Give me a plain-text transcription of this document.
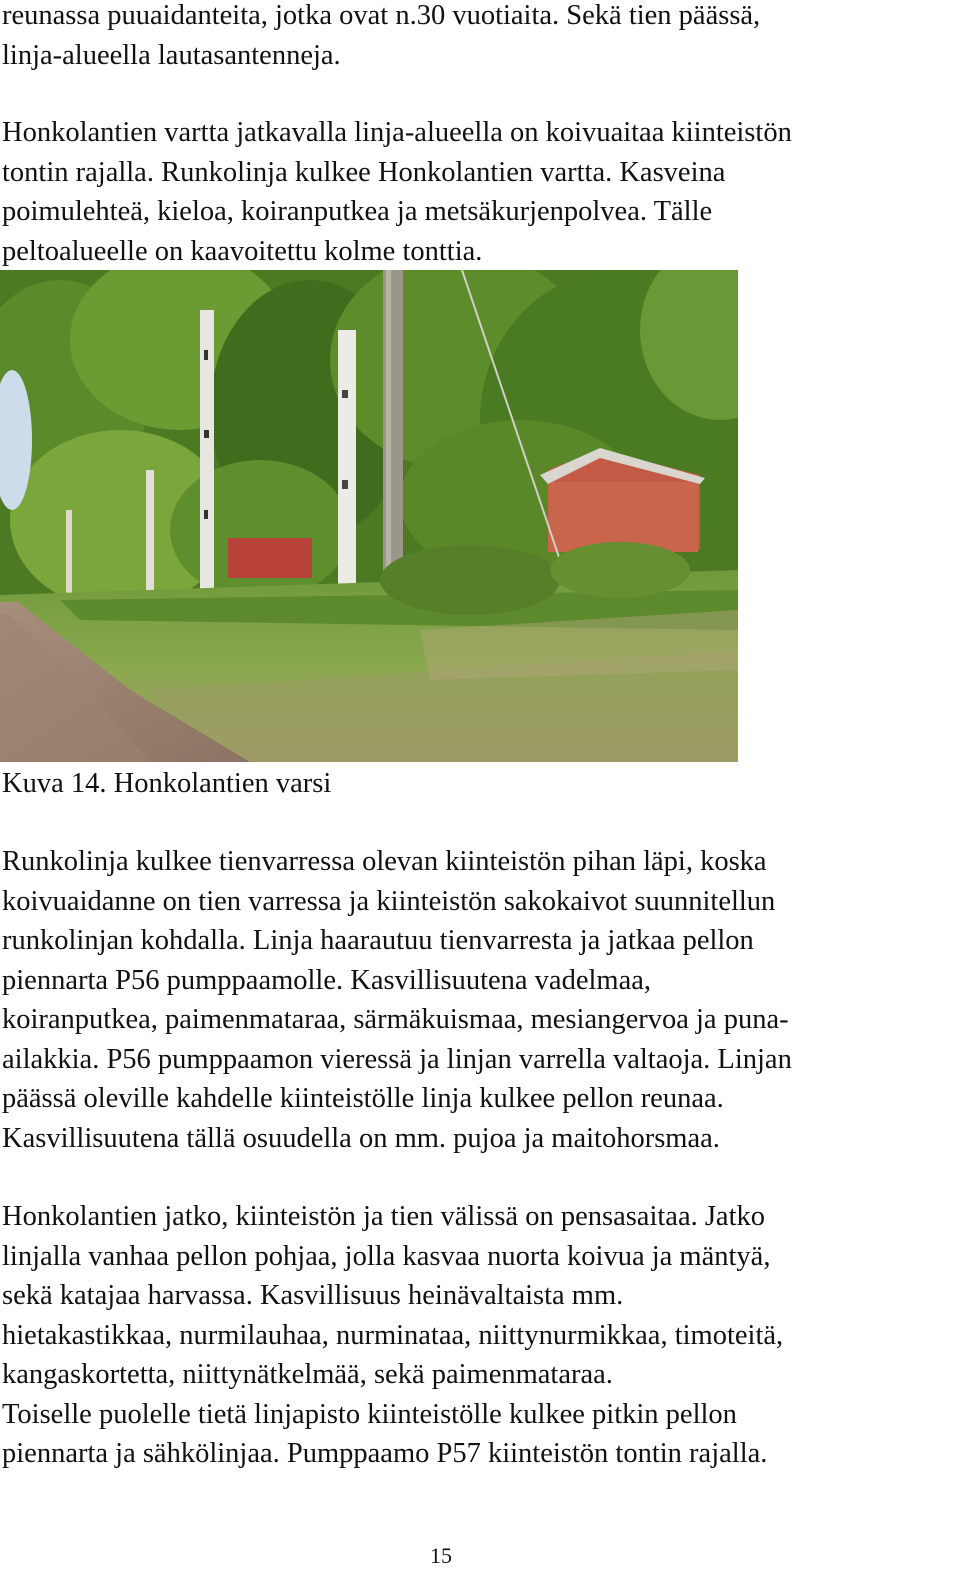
reunassa puuaidanteita, jotka ovat n.30 vuotiaita. Sekä tien päässä,
linja-alueella lautasantenneja.
Honkolantien vartta jatkavalla linja-alueella on koivuaitaa kiinteistön
tontin rajalla. Runkolinja kulkee Honkolantien vartta. Kasveina
poimulehteä, kieloa, koiranputkea ja metsäkurjenpolvea. Tälle
peltoalueelle on kaavoitettu kolme tonttia.
Kuva 14. Honkolantien varsi
Runkolinja kulkee tienvarressa olevan kiinteistön pihan läpi, koska
koivuaidanne on tien varressa ja kiinteistön sakokaivot suunnitellun
runkolinjan kohdalla. Linja haarautuu tienvarresta ja jatkaa pellon
piennarta P56 pumppaamolle. Kasvillisuutena vadelmaa,
koiranputkea, paimenmataraa, särmäkuismaa, mesiangervoa ja puna-
ailakkia. P56 pumppaamon vieressä ja linjan varrella valtaoja. Linjan
päässä oleville kahdelle kiinteistölle linja kulkee pellon reunaa.
Kasvillisuutena tällä osuudella on mm. pujoa ja maitohorsmaa.
Honkolantien jatko, kiinteistön ja tien välissä on pensasaitaa. Jatko
linjalla vanhaa pellon pohjaa, jolla kasvaa nuorta koivua ja mäntyä,
sekä katajaa harvassa. Kasvillisuus heinävaltaista mm.
hietakastikkaa, nurmilauhaa, nurminataa, niittynurmikkaa, timoteitä,
kangaskortetta, niittynätkelmää, sekä paimenmataraa.
Toiselle puolelle tietä linjapisto kiinteistölle kulkee pitkin pellon
piennarta ja sähkölinjaa. Pumppaamo P57 kiinteistön tontin rajalla.
15
